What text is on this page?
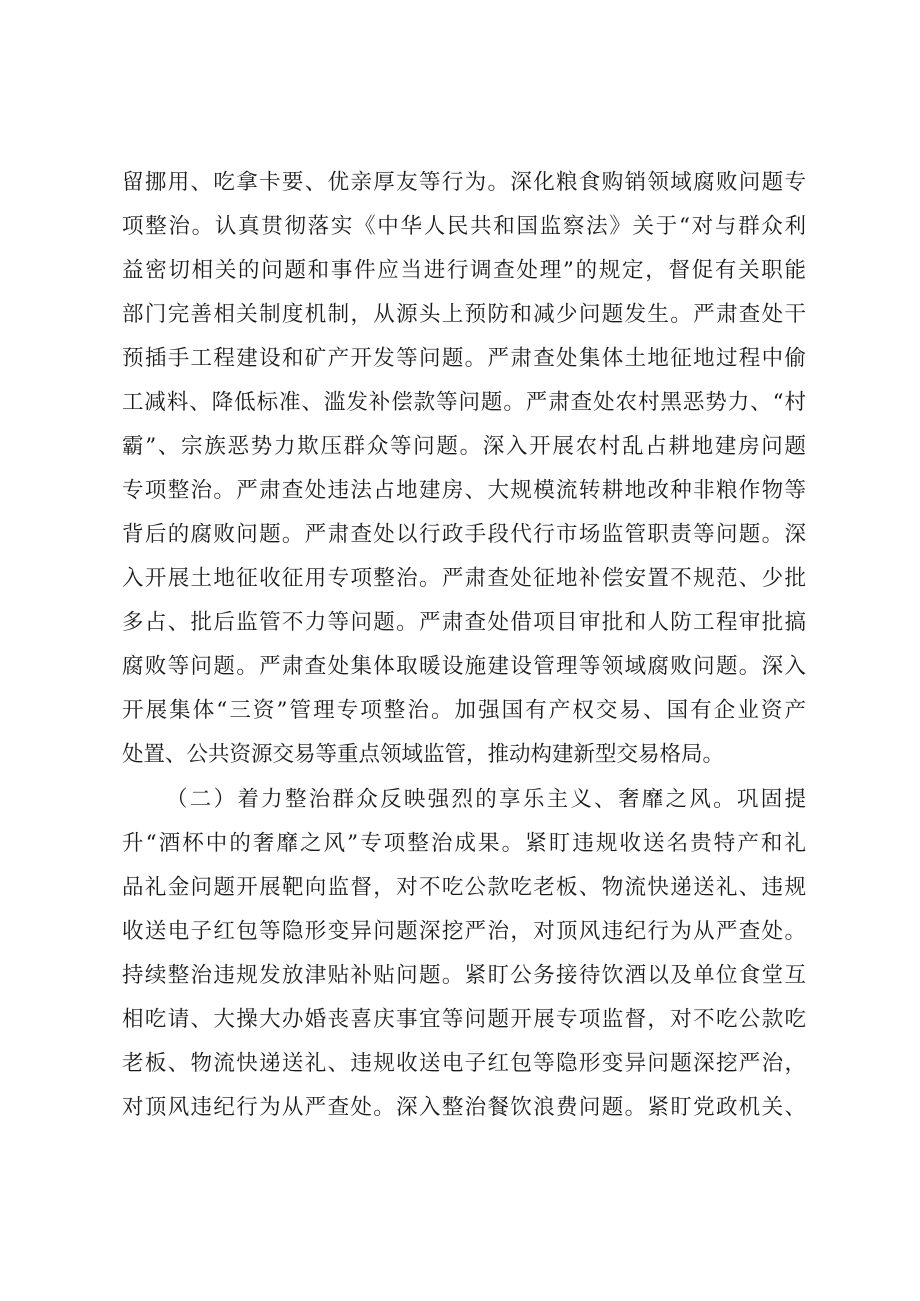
留挪用、吃拿卡要、优亲厚友等行为。深化粮食购销领域腐败问题专
项整治。认真贯彻落实《中华人民共和国监察法》关于“对与群众利
益密切相关的问题和事件应当进行调查处理”的规定，督促有关职能
部门完善相关制度机制，从源头上预防和减少问题发生。严肃查处干
预插手工程建设和矿产开发等问题。严肃查处集体土地征地过程中偷
工减料、降低标准、滥发补偿款等问题。严肃查处农村黑恶势力、“村
霸”、宗族恶势力欺压群众等问题。深入开展农村乱占耕地建房问题
专项整治。严肃查处违法占地建房、大规模流转耕地改种非粮作物等
背后的腐败问题。严肃查处以行政手段代行市场监管职责等问题。深
入开展土地征收征用专项整治。严肃查处征地补偿安置不规范、少批
多占、批后监管不力等问题。严肃查处借项目审批和人防工程审批搞
腐败等问题。严肃查处集体取暖设施建设管理等领域腐败问题。深入
开展集体“三资”管理专项整治。加强国有产权交易、国有企业资产
处置、公共资源交易等重点领域监管，推动构建新型交易格局。
（二）着力整治群众反映强烈的享乐主义、奢靡之风。巩固提
升“酒杯中的奢靡之风”专项整治成果。紧盯违规收送名贵特产和礼
品礼金问题开展靶向监督，对不吃公款吃老板、物流快递送礼、违规
收送电子红包等隐形变异问题深挖严治，对顶风违纪行为从严查处。
持续整治违规发放津贴补贴问题。紧盯公务接待饮酒以及单位食堂互
相吃请、大操大办婚丧喜庆事宜等问题开展专项监督，对不吃公款吃
老板、物流快递送礼、违规收送电子红包等隐形变异问题深挖严治，
对顶风违纪行为从严查处。深入整治餐饮浪费问题。紧盯党政机关、
